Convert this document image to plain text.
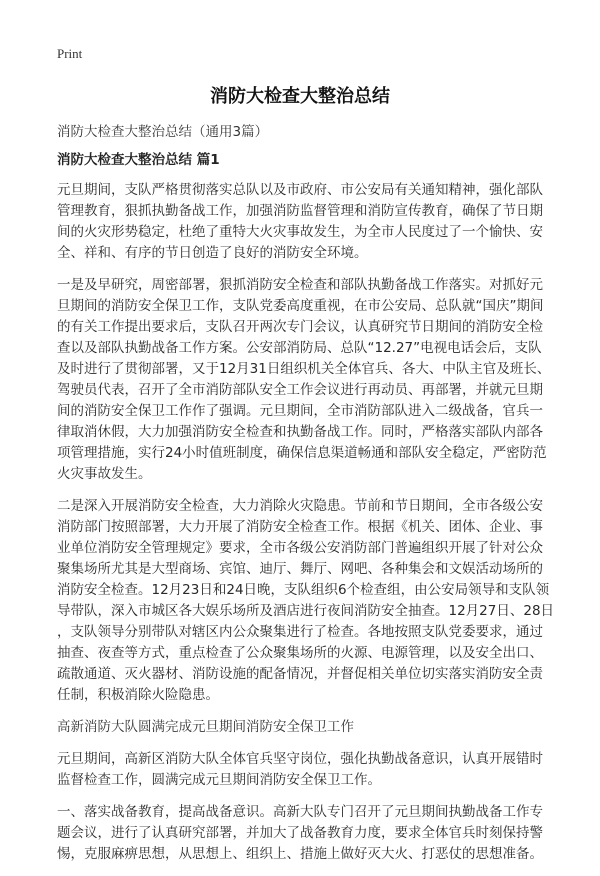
Print
消防大检查大整治总结
消防大检查大整治总结（通用3篇）
消防大检查大整治总结 篇1
元旦期间，支队严格贯彻落实总队以及市政府、市公安局有关通知精神，强化部队
管理教育，狠抓执勤备战工作，加强消防监督管理和消防宣传教育，确保了节日期
间的火灾形势稳定，杜绝了重特大火灾事故发生，为全市人民度过了一个愉快、安
全、祥和、有序的节日创造了良好的消防安全环境。
一是及早研究，周密部署，狠抓消防安全检查和部队执勤备战工作落实。对抓好元
旦期间的消防安全保卫工作，支队党委高度重视，在市公安局、总队就“国庆”期间
的有关工作提出要求后，支队召开两次专门会议，认真研究节日期间的消防安全检
查以及部队执勤战备工作方案。公安部消防局、总队“12.27”电视电话会后，支队
及时进行了贯彻部署，又于12月31日组织机关全体官兵、各大、中队主官及班长、
驾驶员代表，召开了全市消防部队安全工作会议进行再动员、再部署，并就元旦期
间的消防安全保卫工作作了强调。元旦期间，全市消防部队进入二级战备，官兵一
律取消休假，大力加强消防安全检查和执勤备战工作。同时，严格落实部队内部各
项管理措施，实行24小时值班制度，确保信息渠道畅通和部队安全稳定，严密防范
火灾事故发生。
二是深入开展消防安全检查，大力消除火灾隐患。节前和节日期间，全市各级公安
消防部门按照部署，大力开展了消防安全检查工作。根据《机关、团体、企业、事
业单位消防安全管理规定》要求，全市各级公安消防部门普遍组织开展了针对公众
聚集场所尤其是大型商场、宾馆、迪厅、舞厅、网吧、各种集会和文娱活动场所的
消防安全检查。12月23日和24日晚，支队组织6个检查组，由公安局领导和支队领
导带队，深入市城区各大娱乐场所及酒店进行夜间消防安全抽查。12月27日、28日
，支队领导分别带队对辖区内公众聚集进行了检查。各地按照支队党委要求，通过
抽查、夜查等方式，重点检查了公众聚集场所的火源、电源管理，以及安全出口、
疏散通道、灭火器材、消防设施的配备情况，并督促相关单位切实落实消防安全责
任制，积极消除火险隐患。
高新消防大队圆满完成元旦期间消防安全保卫工作
元旦期间，高新区消防大队全体官兵坚守岗位，强化执勤战备意识，认真开展错时
监督检查工作，圆满完成元旦期间消防安全保卫工作。
一、落实战备教育，提高战备意识。高新大队专门召开了元旦期间执勤战备工作专
题会议，进行了认真研究部署，并加大了战备教育力度，要求全体官兵时刻保持警
惕，克服麻痹思想，从思想上、组织上、措施上做好灭大火、打恶仗的思想准备。
